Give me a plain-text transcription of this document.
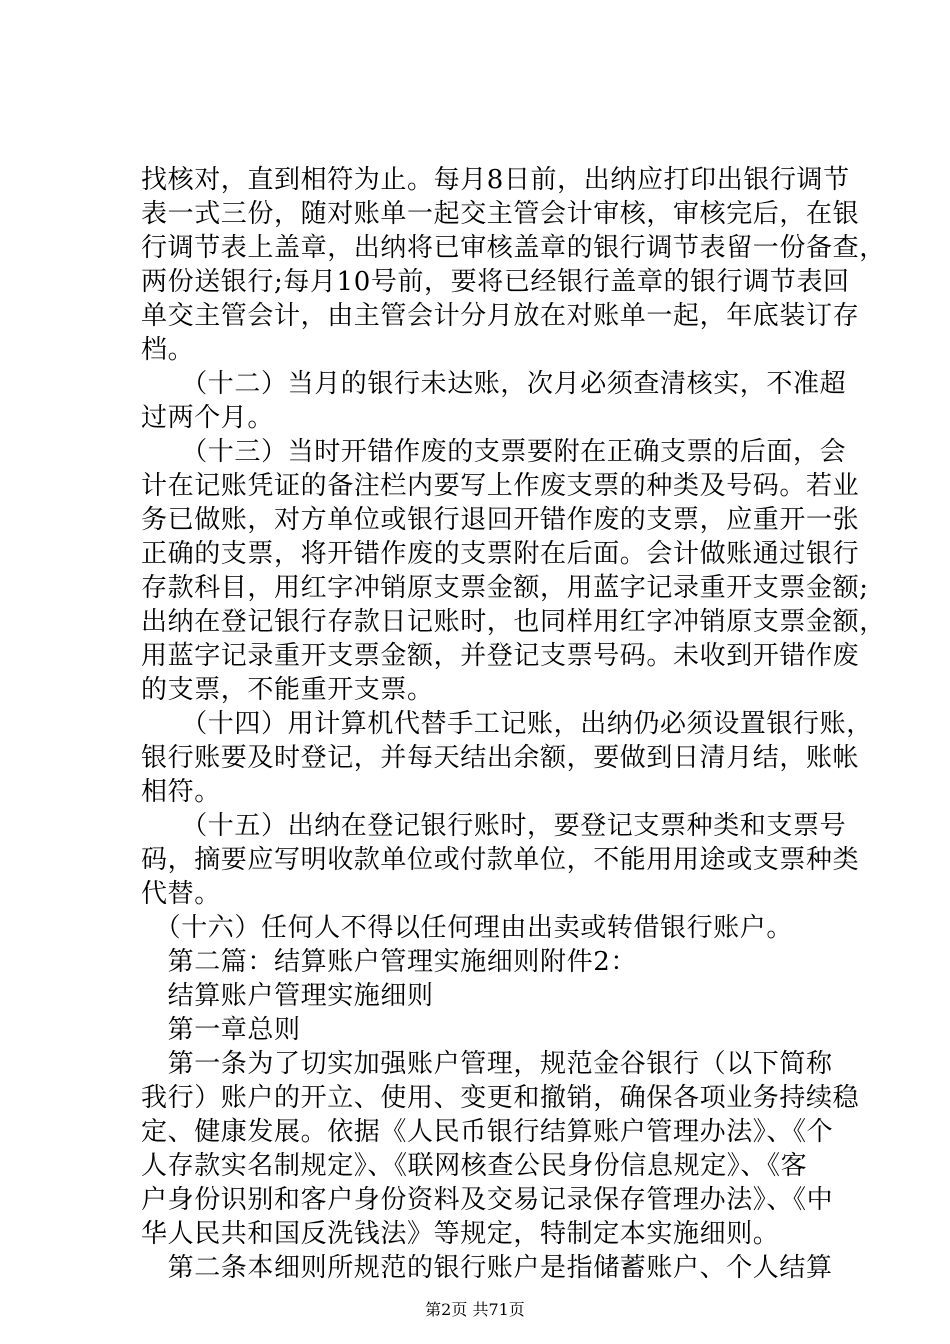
找核对，直到相符为止。每月8日前，出纳应打印出银行调节
表一式三份，随对账单一起交主管会计审核，审核完后，在银
行调节表上盖章，出纳将已审核盖章的银行调节表留一份备查，
两份送银行;每月10号前，要将已经银行盖章的银行调节表回
单交主管会计，由主管会计分月放在对账单一起，年底装订存
档。
　　（十二）当月的银行未达账，次月必须查清核实，不准超
过两个月。
　　（十三）当时开错作废的支票要附在正确支票的后面，会
计在记账凭证的备注栏内要写上作废支票的种类及号码。若业
务已做账，对方单位或银行退回开错作废的支票，应重开一张
正确的支票，将开错作废的支票附在后面。会计做账通过银行
存款科目，用红字冲销原支票金额，用蓝字记录重开支票金额;
出纳在登记银行存款日记账时，也同样用红字冲销原支票金额，
用蓝字记录重开支票金额，并登记支票号码。未收到开错作废
的支票，不能重开支票。
　　（十四）用计算机代替手工记账，出纳仍必须设置银行账，
银行账要及时登记，并每天结出余额，要做到日清月结，账帐
相符。
　　（十五）出纳在登记银行账时，要登记支票种类和支票号
码，摘要应写明收款单位或付款单位，不能用用途或支票种类
代替。
　（十六）任何人不得以任何理由出卖或转借银行账户。
　第二篇：结算账户管理实施细则附件2：
　结算账户管理实施细则
　第一章总则
　第一条为了切实加强账户管理，规范金谷银行（以下简称
我行）账户的开立、使用、变更和撤销，确保各项业务持续稳
定、健康发展。依据《人民币银行结算账户管理办法》、《个
人存款实名制规定》、《联网核查公民身份信息规定》、《客
户身份识别和客户身份资料及交易记录保存管理办法》、《中
华人民共和国反洗钱法》等规定，特制定本实施细则。
　第二条本细则所规范的银行账户是指储蓄账户、个人结算
第2页 共71页
